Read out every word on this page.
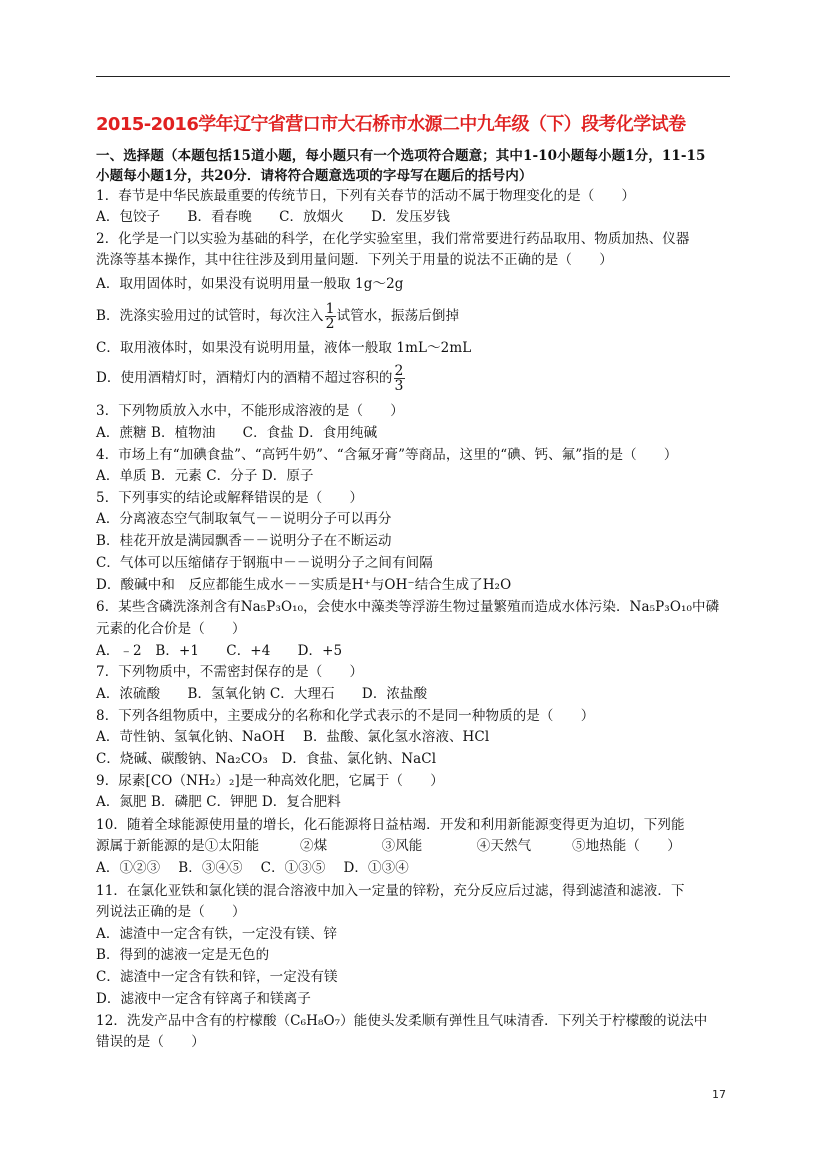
2015-2016学年辽宁省营口市大石桥市水源二中九年级（下）段考化学试卷
一、选择题（本题包括15道小题，每小题只有一个选项符合题意；其中1-10小题每小题1分，11-15
小题每小题1分，共20分．请将符合题意选项的字母写在题后的括号内）
1．春节是中华民族最重要的传统节日，下列有关春节的活动不属于物理变化的是（　　）
A．包饺子　　B．看春晚　　C．放烟火　　D．发压岁钱
2．化学是一门以实验为基础的科学，在化学实验室里，我们常常要进行药品取用、物质加热、仪器
洗涤等基本操作，其中往往涉及到用量问题．下列关于用量的说法不正确的是（　　）
A．取用固体时，如果没有说明用量一般取 1g～2g
B．洗涤实验用过的试管时，每次注入 $\frac{1}{2}$ 试管水，振荡后倒掉
C．取用液体时，如果没有说明用量，液体一般取 1mL～2mL
D．使用酒精灯时，酒精灯内的酒精不超过容积的 $\frac{2}{3}$
3．下列物质放入水中，不能形成溶液的是（　　）
A．蔗糖 B．植物油　　C．食盐 D．食用纯碱
4．市场上有“加碘食盐”、“高钙牛奶”、“含氟牙膏”等商品，这里的“碘、钙、氟”指的是（　　）
A．单质 B．元素 C．分子 D．原子
5．下列事实的结论或解释错误的是（　　）
A．分离液态空气制取氧气－－说明分子可以再分
B．桂花开放是满园飘香－－说明分子在不断运动
C．气体可以压缩储存于钢瓶中－－说明分子之间有间隔
D．酸碱中和　反应都能生成水－－实质是H⁺与OH⁻结合生成了H₂O
6．某些含磷洗涤剂含有Na₅P₃O₁₀，会使水中藻类等浮游生物过量繁殖而造成水体污染．Na₅P₃O₁₀中磷
元素的化合价是（　　）
A．﹣2　B．+1　　C．+4　　D．+5
7．下列物质中，不需密封保存的是（　　）
A．浓硫酸　　B．氢氧化钠 C．大理石　　D．浓盐酸
8．下列各组物质中，主要成分的名称和化学式表示的不是同一种物质的是（　　）
A．苛性钠、氢氧化钠、NaOH　 B．盐酸、氯化氢水溶液、HCl
C．烧碱、碳酸钠、Na₂CO₃　D．食盐、氯化钠、NaCl
9．尿素[CO（NH₂）₂]是一种高效化肥，它属于（　　）
A．氮肥 B．磷肥 C．钾肥 D．复合肥料
10．随着全球能源使用量的增长，化石能源将日益枯竭．开发和利用新能源变得更为迫切，下列能
源属于新能源的是①太阳能　　　②煤　　　　③风能　　　　④天然气　　　⑤地热能（　　）
A．①②③　 B．③④⑤　 C．①③⑤　 D．①③④
11．在氯化亚铁和氯化镁的混合溶液中加入一定量的锌粉，充分反应后过滤，得到滤渣和滤液．下
列说法正确的是（　　）
A．滤渣中一定含有铁，一定没有镁、锌
B．得到的滤液一定是无色的
C．滤渣中一定含有铁和锌，一定没有镁
D．滤液中一定含有锌离子和镁离子
12．洗发产品中含有的柠檬酸（C₆H₈O₇）能使头发柔顺有弹性且气味清香．下列关于柠檬酸的说法中
错误的是（　　）
17
